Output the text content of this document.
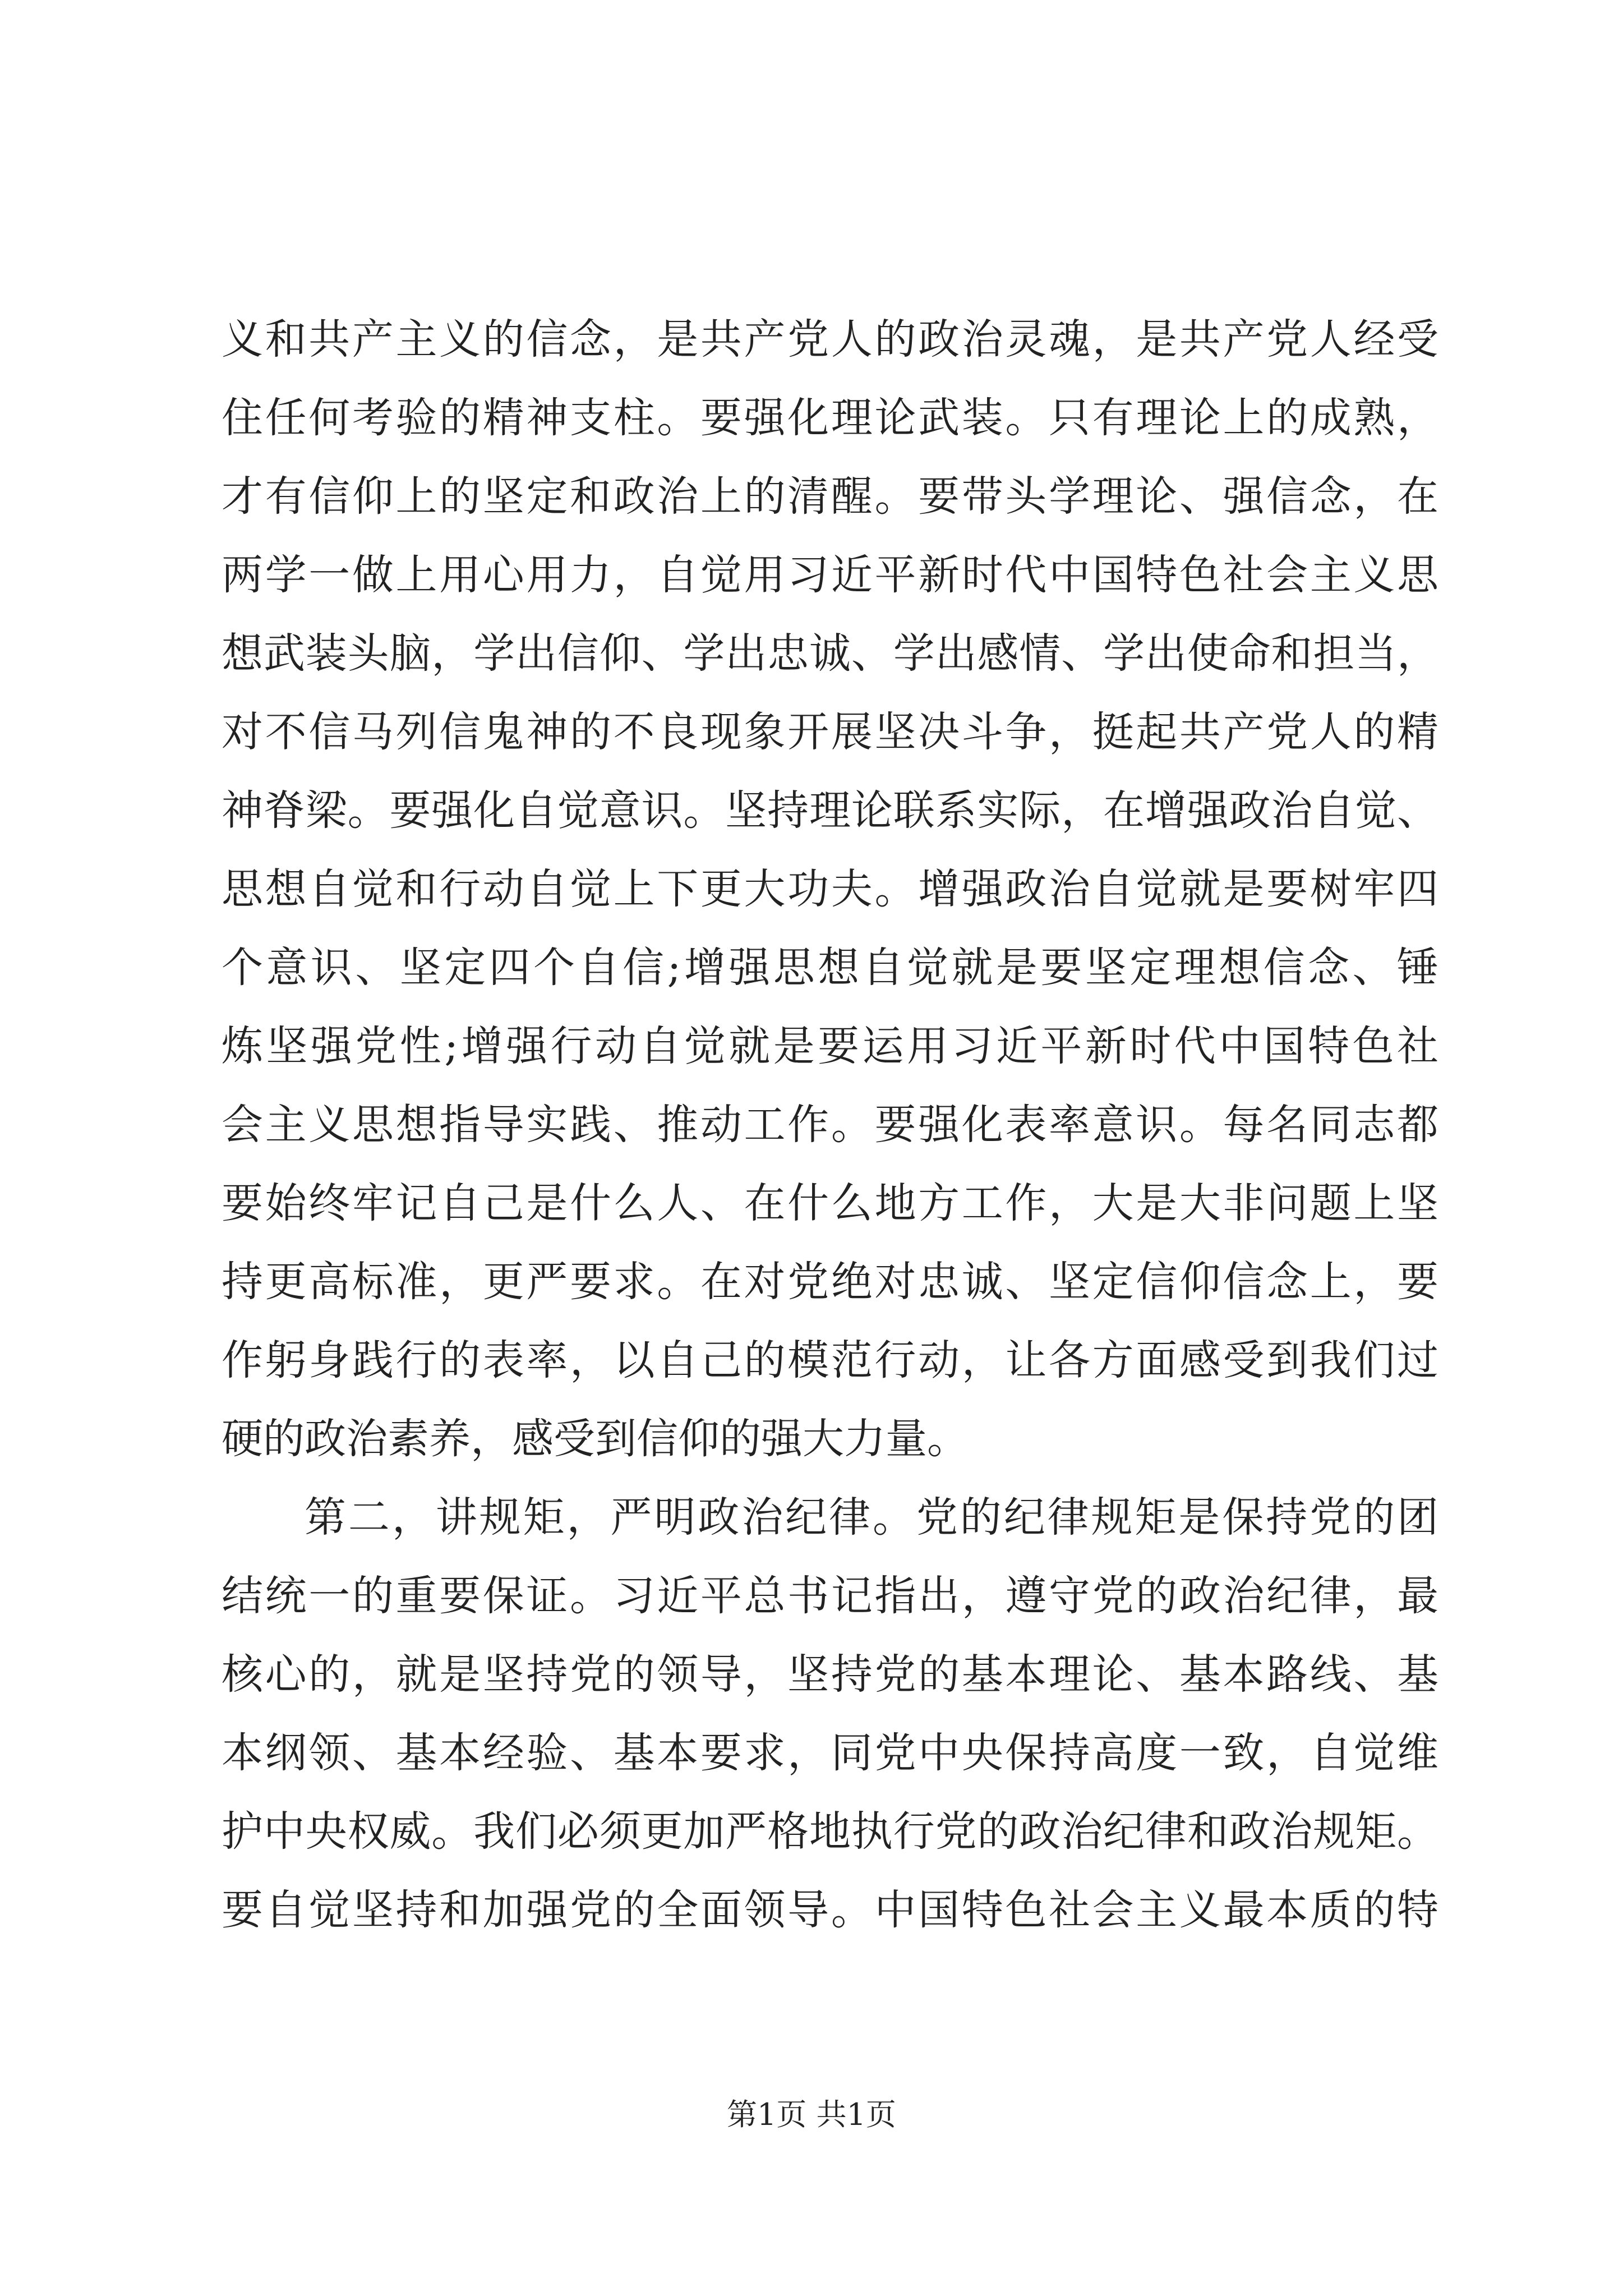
义和共产主义的信念，是共产党人的政治灵魂，是共产党人经受
住任何考验的精神支柱。要强化理论武装。只有理论上的成熟，
才有信仰上的坚定和政治上的清醒。要带头学理论、强信念，在
两学一做上用心用力，自觉用习近平新时代中国特色社会主义思
想武装头脑，学出信仰、学出忠诚、学出感情、学出使命和担当，
对不信马列信鬼神的不良现象开展坚决斗争，挺起共产党人的精
神脊梁。要强化自觉意识。坚持理论联系实际，在增强政治自觉、
思想自觉和行动自觉上下更大功夫。增强政治自觉就是要树牢四
个意识、坚定四个自信;增强思想自觉就是要坚定理想信念、锤
炼坚强党性;增强行动自觉就是要运用习近平新时代中国特色社
会主义思想指导实践、推动工作。要强化表率意识。每名同志都
要始终牢记自己是什么人、在什么地方工作，大是大非问题上坚
持更高标准，更严要求。在对党绝对忠诚、坚定信仰信念上，要
作躬身践行的表率，以自己的模范行动，让各方面感受到我们过
硬的政治素养，感受到信仰的强大力量。
第二，讲规矩，严明政治纪律。党的纪律规矩是保持党的团
结统一的重要保证。习近平总书记指出，遵守党的政治纪律，最
核心的，就是坚持党的领导，坚持党的基本理论、基本路线、基
本纲领、基本经验、基本要求，同党中央保持高度一致，自觉维
护中央权威。我们必须更加严格地执行党的政治纪律和政治规矩。
要自觉坚持和加强党的全面领导。中国特色社会主义最本质的特
第1页 共1页
